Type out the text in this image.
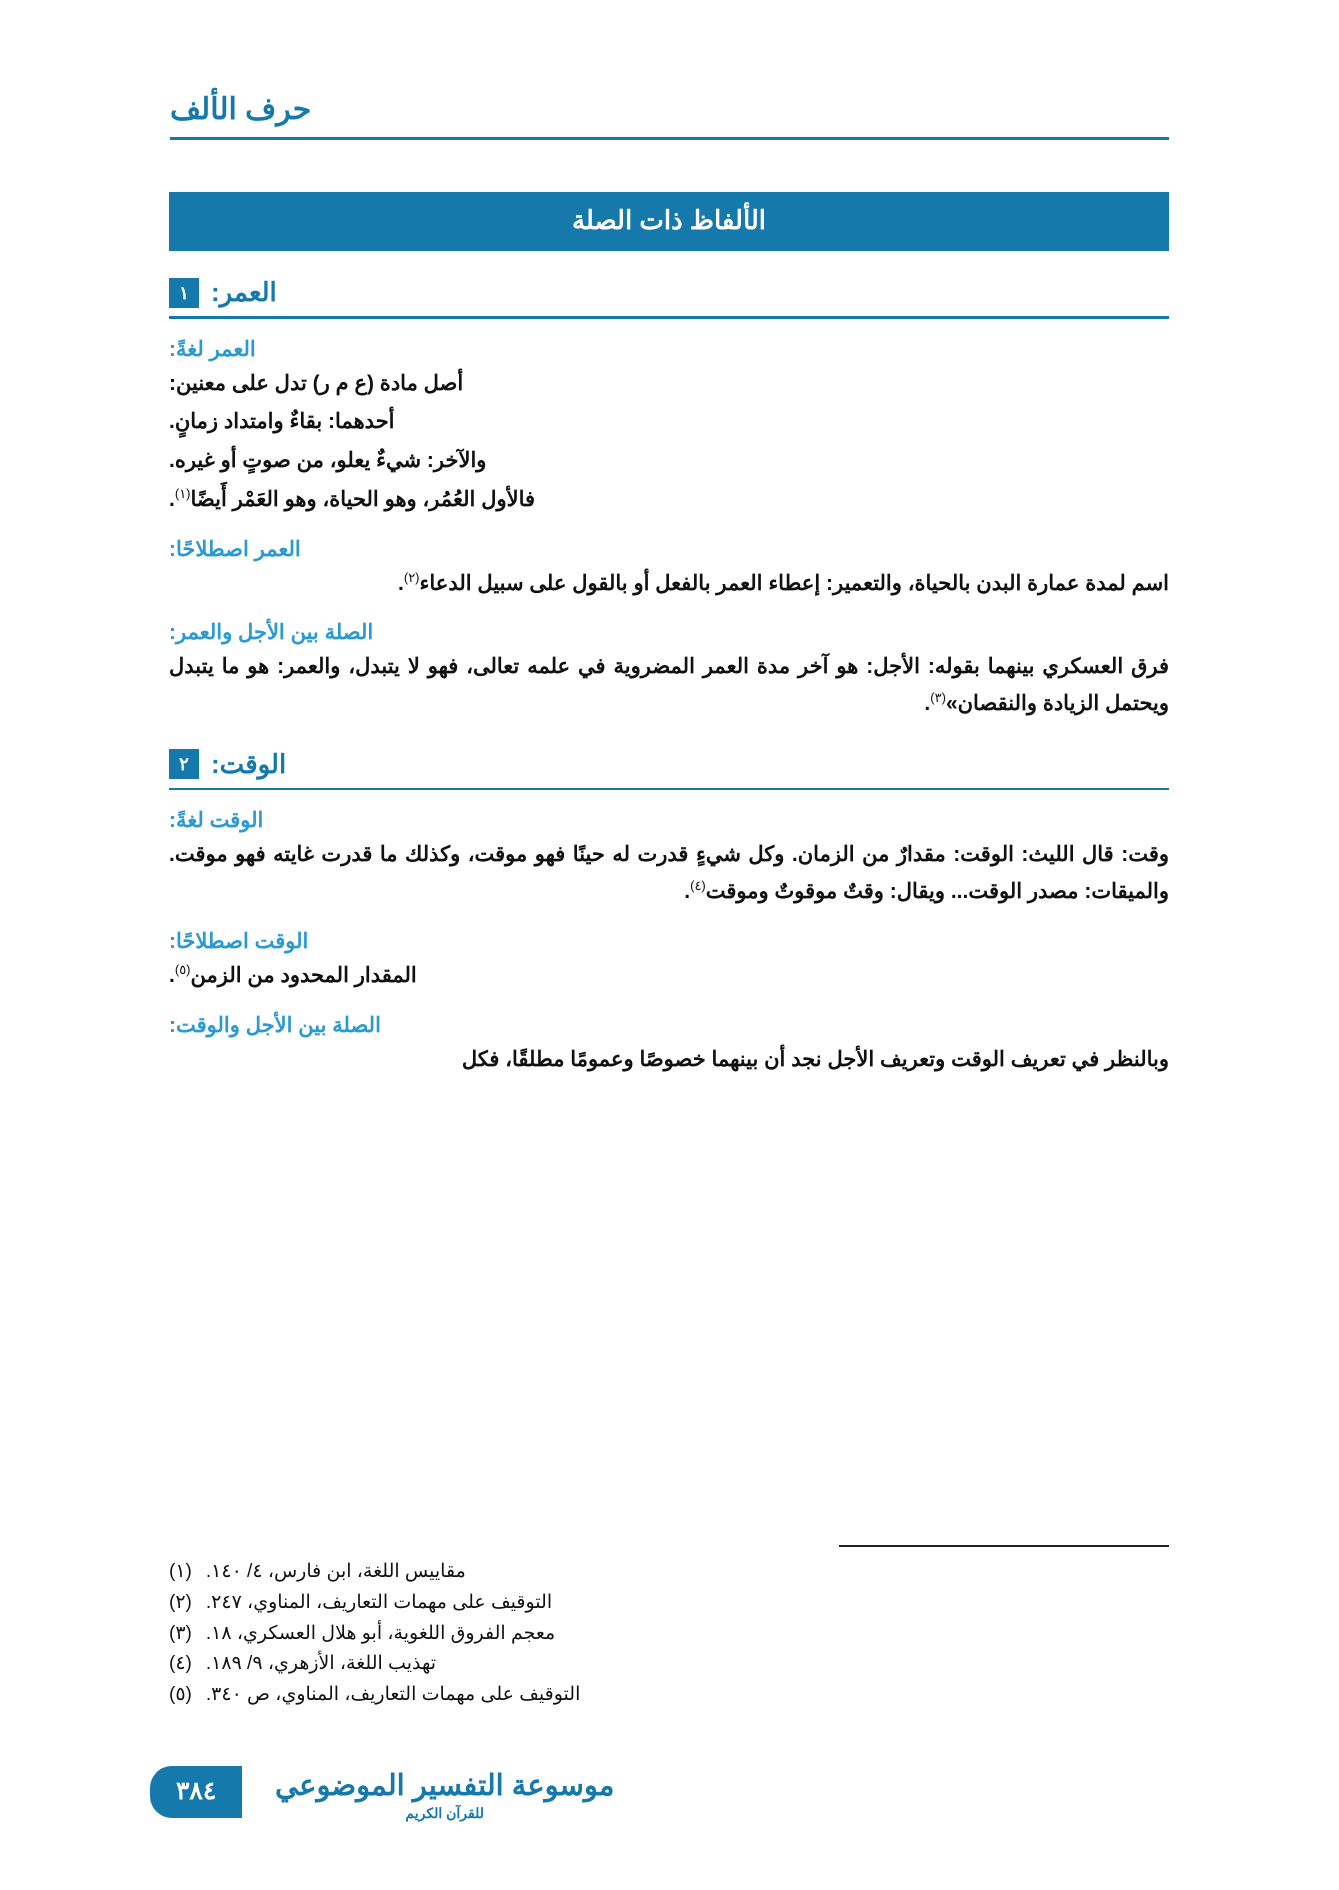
حرف الألف
الألفاظ ذات الصلة
١ العمر:
العمر لغةً:

أصل مادة (ع م ر) تدل على معنين:

أحدهما: بقاءٌ وامتداد زمانٍ.

والآخر: شيءٌ يعلو، من صوتٍ أو غيره.

فالأول العُمُر، وهو الحياة، وهو العَمْر أَيضًا$^{(١)}$.

العمر اصطلاحًا:

اسم لمدة عمارة البدن بالحياة، والتعمير: إعطاء العمر بالفعل أو بالقول على سبيل الدعاء$^{(٢)}$.

الصلة بين الأجل والعمر:

فرق العسكري بينهما بقوله: الأجل: هو آخر مدة العمر المضروية في علمه تعالى، فهو لا يتبدل، والعمر: هو ما يتبدل ويحتمل الزيادة والنقصان»$^{(٣)}$.

٢ الوقت:
الوقت لغةً:

وقت: قال الليث: الوقت: مقدارٌ من الزمان. وكل شيءٍ قدرت له حينًا فهو موقت، وكذلك ما قدرت غايته فهو موقت. والميقات: مصدر الوقت... ويقال: وقتٌ موقوتٌ وموقت$^{(٤)}$.

الوقت اصطلاحًا:

المقدار المحدود من الزمن$^{(٥)}$.

الصلة بين الأجل والوقت:

وبالنظر في تعريف الوقت وتعريف الأجل نجد أن بينهما خصوصًا وعمومًا مطلقًا، فكل

(١) مقاييس اللغة، ابن فارس، ٤/ ١٤٠.
(٢) التوقيف على مهمات التعاريف، المناوي، ٢٤٧.
(٣) معجم الفروق اللغوية، أبو هلال العسكري، ١٨.
(٤) تهذيب اللغة، الأزهري، ٩/ ١٨٩.
(٥) التوقيف على مهمات التعاريف، المناوي، ص ٣٤٠.
موسوعة التفسير الموضوعي
للقرآن الكريم
٣٨٤
